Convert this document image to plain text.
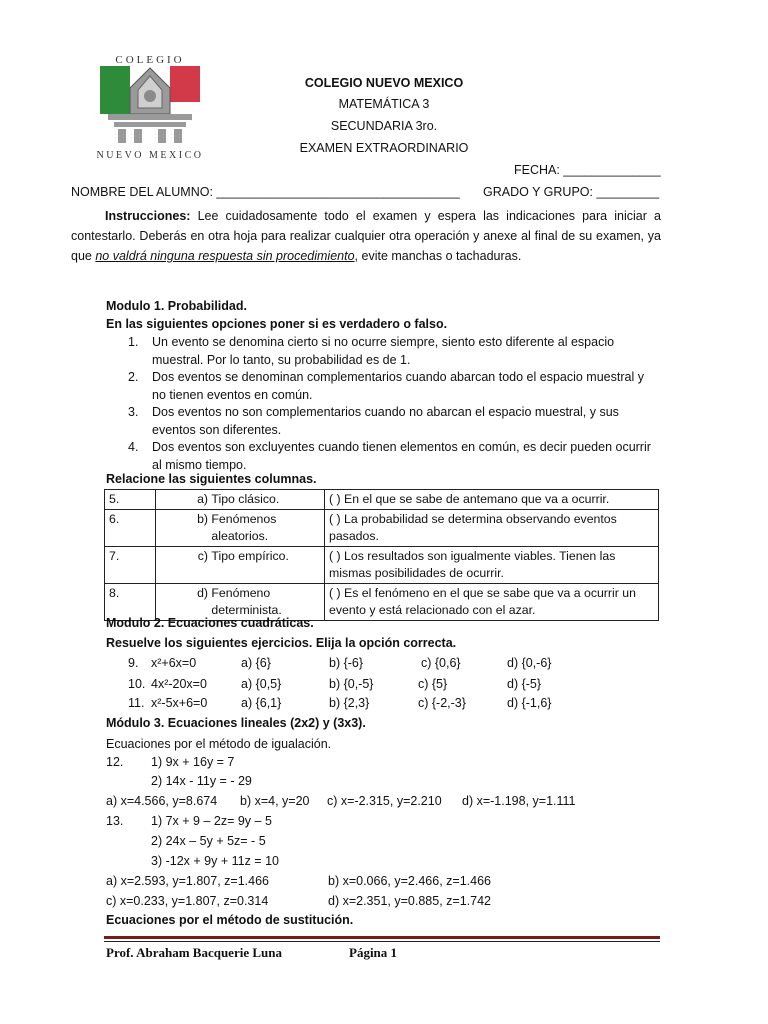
COLEGIO
NUEVO MEXICO
COLEGIO NUEVO MEXICO
MATEMÁTICA 3
SECUNDARIA 3ro.
EXAMEN EXTRAORDINARIO
FECHA: ______________
NOMBRE DEL ALUMNO: ___________________________________ GRADO Y GRUPO: _________
Instrucciones: Lee cuidadosamente todo el examen y espera las indicaciones para iniciar a contestarlo. Deberás en otra hoja para realizar cualquier otra operación y anexe al final de su examen, ya que no valdrá ninguna respuesta sin procedimiento, evite manchas o tachaduras.
Modulo 1. Probabilidad.
En las siguientes opciones poner si es verdadero o falso.
1. Un evento se denomina cierto si no ocurre siempre, siento esto diferente al espacio
muestral. Por lo tanto, su probabilidad es de 1.
2. Dos eventos se denominan complementarios cuando abarcan todo el espacio muestral y
no tienen eventos en común.
3. Dos eventos no son complementarios cuando no abarcan el espacio muestral, y sus
eventos son diferentes.
4. Dos eventos son excluyentes cuando tienen elementos en común, es decir pueden ocurrir
al mismo tiempo.
Relacione las siguientes columnas.
5.	a) Tipo clásico.	( ) En el que se sabe de antemano que va a ocurrir.
6.	b) Fenómenos aleatorios.	( ) La probabilidad se determina observando eventos pasados.
7.	c) Tipo empírico.	( ) Los resultados son igualmente viables. Tienen las mismas posibilidades de ocurrir.
8.	d) Fenómeno determinista.	( ) Es el fenómeno en el que se sabe que va a ocurrir un evento y está relacionado con el azar.
Modulo 2. Ecuaciones cuadráticas.
Resuelve los siguientes ejercicios. Elija la opción correcta.
9. x²+6x=0	a) {6}	b) {-6}	c) {0,6}	d) {0,-6}
10. 4x²-20x=0	a) {0,5}	b) {0,-5}	c) {5}	d) {-5}
11. x²-5x+6=0	a) {6,1}	b) {2,3}	c) {-2,-3}	d) {-1,6}
Módulo 3. Ecuaciones lineales (2x2) y (3x3).
Ecuaciones por el método de igualación.
12. 1) 9x + 16y = 7
2) 14x - 11y = - 29
a) x=4.566, y=8.674 b) x=4, y=20 c) x=-2.315, y=2.210 d) x=-1.198, y=1.111
13. 1) 7x + 9 – 2z= 9y – 5
2) 24x – 5y + 5z= - 5
3) -12x + 9y + 11z = 10
a) x=2.593, y=1.807, z=1.466	b) x=0.066, y=2.466, z=1.466
c) x=0.233, y=1.807, z=0.314	d) x=2.351, y=0.885, z=1.742
Ecuaciones por el método de sustitución.
Prof. Abraham Bacquerie Luna	Página 1
